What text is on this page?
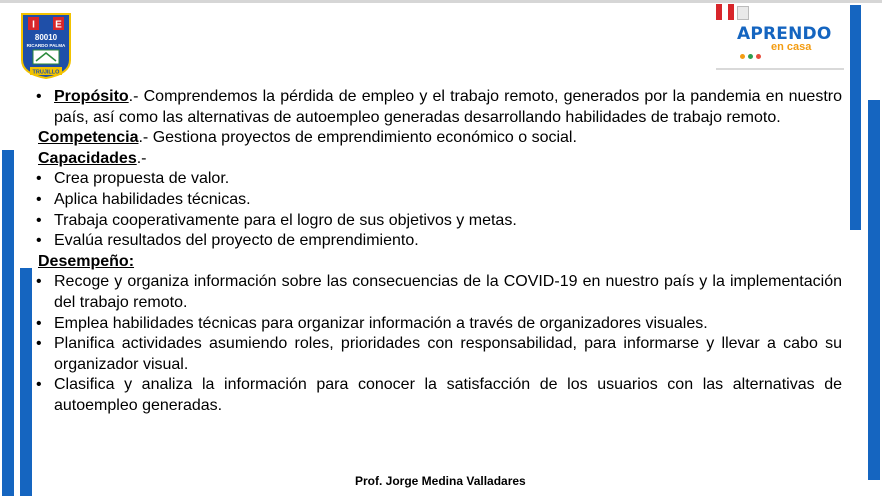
I E
80010
RICARDO PALMA
TRUJILLO
APRENDO
en casa
• Propósito.- Comprendemos la pérdida de empleo y el trabajo remoto, generados por la pandemia en nuestro país, así como las alternativas de autoempleo generadas desarrollando habilidades de trabajo remoto.
Competencia.- Gestiona proyectos de emprendimiento económico o social.
Capacidades.-
• Crea propuesta de valor.
• Aplica habilidades técnicas.
• Trabaja cooperativamente para el logro de sus objetivos y metas.
• Evalúa resultados del proyecto de emprendimiento.
Desempeño:
• Recoge y organiza información sobre las consecuencias de la COVID-19 en nuestro país y la implementación del trabajo remoto.
• Emplea habilidades técnicas para organizar información a través de organizadores visuales.
• Planifica actividades asumiendo roles, prioridades con responsabilidad, para informarse y llevar a cabo su organizador visual.
• Clasifica y analiza la información para conocer la satisfacción de los usuarios con las alternativas de autoempleo generadas.
Prof. Jorge Medina Valladares
